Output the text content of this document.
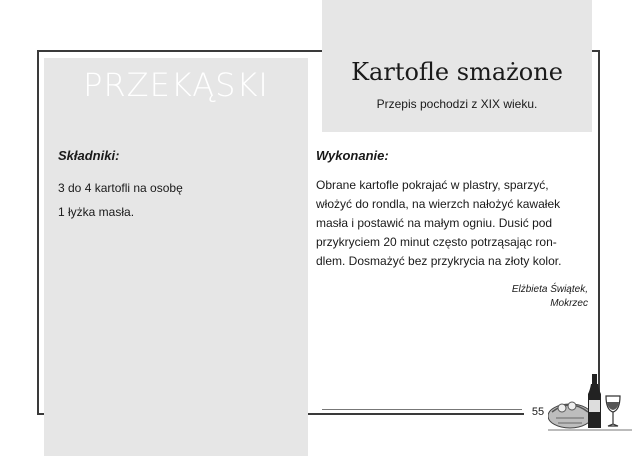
PRZEKĄSKI	Kartofle smażone
Przepis pochodzi z XIX wieku.
Składniki:
3 do 4 kartofli na osobę
1 łyżka masła.
Wykonanie:
Obrane kartofle pokrajać w plastry, sparzyć,
włożyć do rondla, na wierzch nałożyć kawałek
masła i postawić na małym ogniu. Dusić pod
przykryciem 20 minut często potrząsając ron-
dlem. Dosmażyć bez przykrycia na złoty kolor.
Elżbieta Świątek,
Mokrzec
55
